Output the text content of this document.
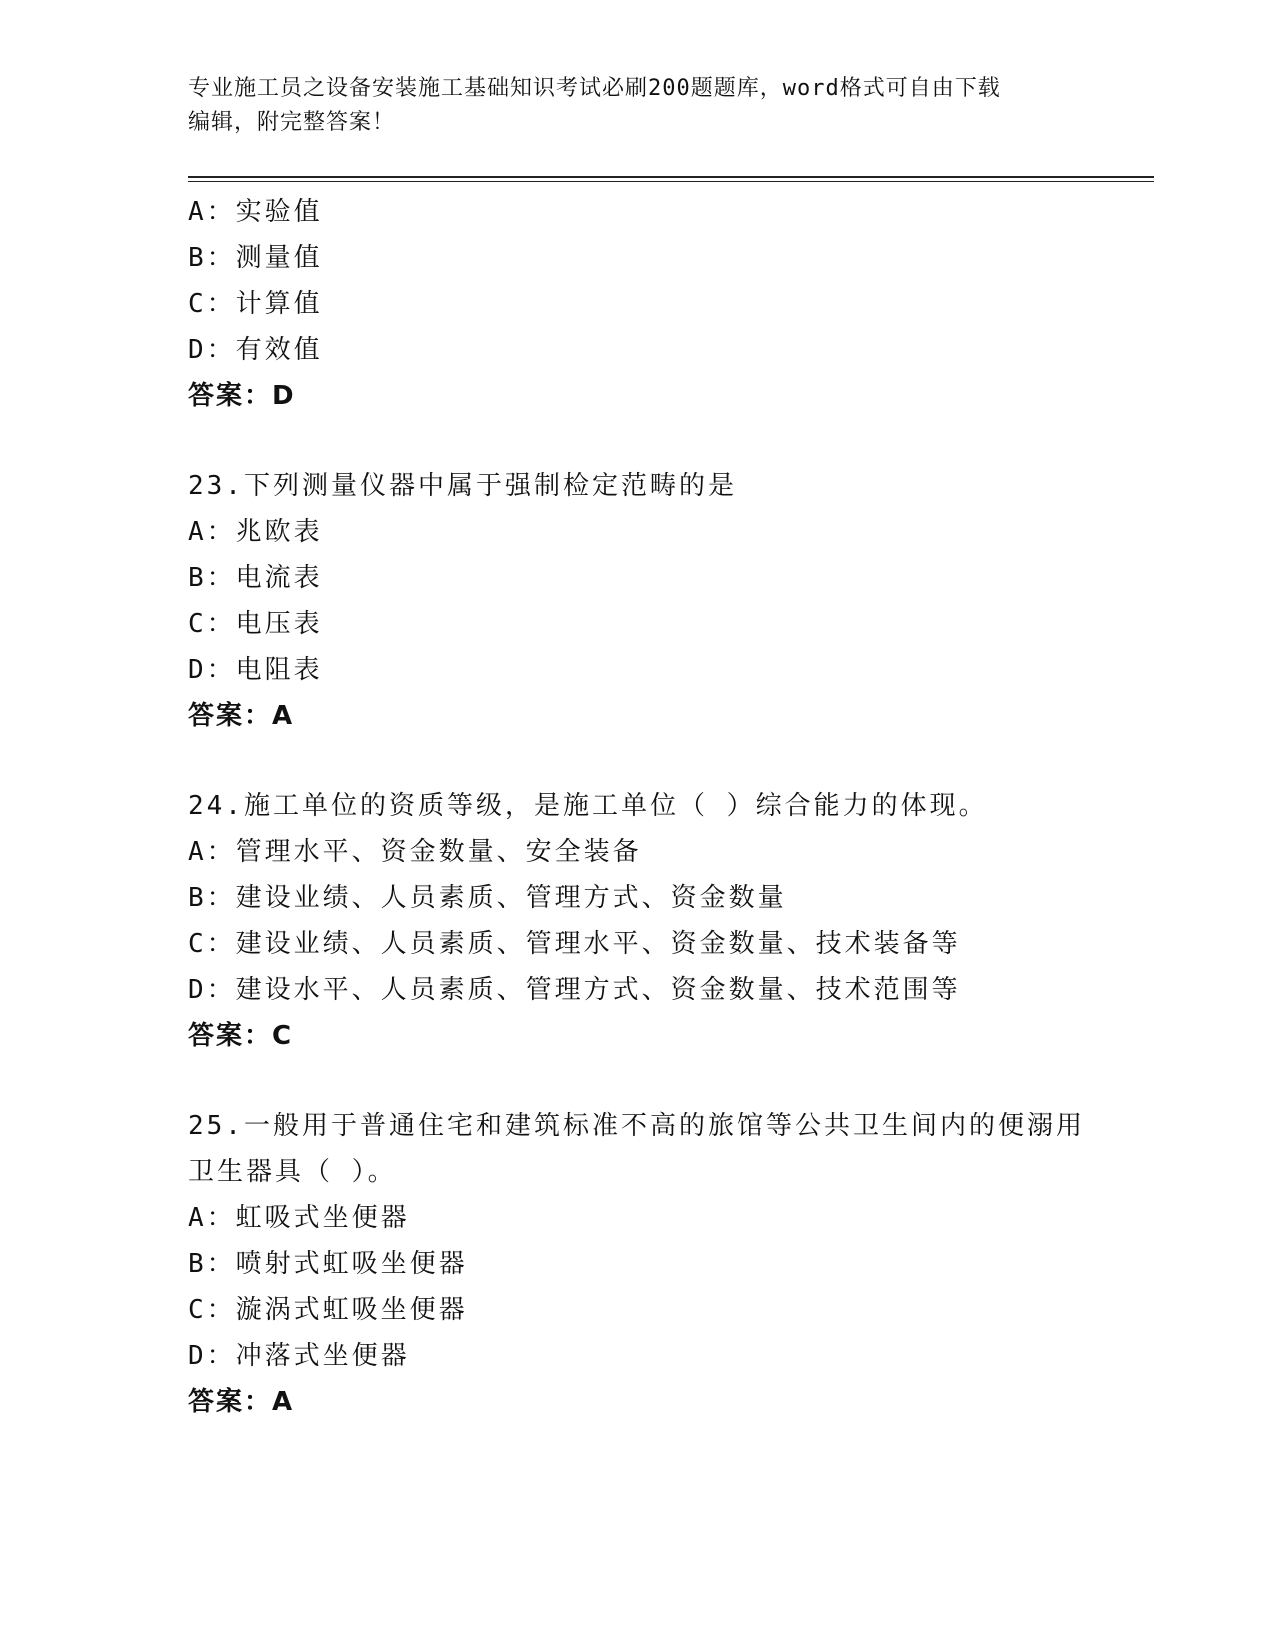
专业施工员之设备安装施工基础知识考试必刷200题题库，word格式可自由下载
编辑，附完整答案！
A：实验值
B：测量值
C：计算值
D：有效值
答案：D
23.下列测量仪器中属于强制检定范畴的是
A：兆欧表
B：电流表
C：电压表
D：电阻表
答案：A
24.施工单位的资质等级，是施工单位（ ）综合能力的体现。
A：管理水平、资金数量、安全装备
B：建设业绩、人员素质、管理方式、资金数量
C：建设业绩、人员素质、管理水平、资金数量、技术装备等
D：建设水平、人员素质、管理方式、资金数量、技术范围等
答案：C
25.一般用于普通住宅和建筑标准不高的旅馆等公共卫生间内的便溺用
卫生器具（ ）。
A：虹吸式坐便器
B：喷射式虹吸坐便器
C：漩涡式虹吸坐便器
D：冲落式坐便器
答案：A
